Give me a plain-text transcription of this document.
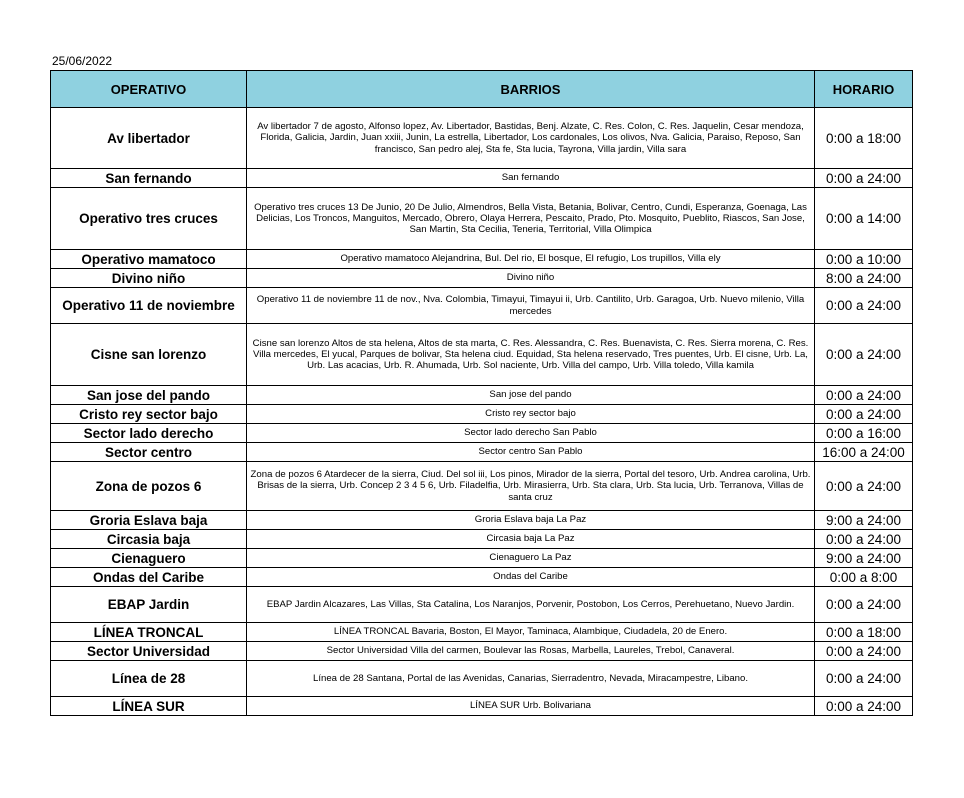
25/06/2022
OPERATIVO	BARRIOS	HORARIO
Av libertador	Av libertador 7 de agosto, Alfonso lopez, Av. Libertador, Bastidas, Benj. Alzate, C. Res. Colon, C. Res. Jaquelin, Cesar mendoza, Florida, Galicia, Jardin, Juan xxiii, Junin, La estrella, Libertador, Los cardonales, Los olivos, Nva. Galicia, Paraiso, Reposo, San francisco, San pedro alej, Sta fe, Sta lucia, Tayrona, Villa jardin, Villa sara	0:00 a 18:00
San fernando	San fernando	0:00 a 24:00
Operativo tres cruces	Operativo tres cruces 13 De Junio, 20 De Julio, Almendros, Bella Vista, Betania, Bolivar, Centro, Cundi, Esperanza, Goenaga, Las Delicias, Los Troncos, Manguitos, Mercado, Obrero, Olaya Herrera, Pescaito, Prado, Pto. Mosquito, Pueblito, Riascos, San Jose, San Martin, Sta Cecilia, Teneria, Territorial, Villa Olimpica	0:00 a 14:00
Operativo mamatoco	Operativo mamatoco Alejandrina, Bul. Del rio, El bosque, El refugio, Los trupillos, Villa ely	0:00 a 10:00
Divino niño	Divino niño	8:00 a 24:00
Operativo 11 de noviembre	Operativo 11 de noviembre 11 de nov., Nva. Colombia, Timayui, Timayui ii, Urb. Cantilito, Urb. Garagoa, Urb. Nuevo milenio, Villa mercedes	0:00 a 24:00
Cisne san lorenzo	Cisne san lorenzo Altos de sta helena, Altos de sta marta, C. Res. Alessandra, C. Res. Buenavista, C. Res. Sierra morena, C. Res. Villa mercedes, El yucal, Parques de bolivar, Sta helena ciud. Equidad, Sta helena reservado, Tres puentes, Urb. El cisne, Urb. La, Urb. Las acacias, Urb. R. Ahumada, Urb. Sol naciente, Urb. Villa del campo, Urb. Villa toledo, Villa kamila	0:00 a 24:00
San jose del pando	San jose del pando	0:00 a 24:00
Cristo rey sector bajo	Cristo rey sector bajo	0:00 a 24:00
Sector lado derecho	Sector lado derecho San Pablo	0:00 a 16:00
Sector centro	Sector centro San Pablo	16:00 a 24:00
Zona de pozos 6	Zona de pozos 6 Atardecer de la sierra, Ciud. Del sol iii, Los pinos, Mirador de la sierra, Portal del tesoro, Urb. Andrea carolina, Urb. Brisas de la sierra, Urb. Concep 2 3 4 5 6, Urb. Filadelfia, Urb. Mirasierra, Urb. Sta clara, Urb. Sta lucia, Urb. Terranova, Villas de santa cruz	0:00 a 24:00
Groria Eslava baja	Groria Eslava baja La Paz	9:00 a 24:00
Circasia baja	Circasia baja La Paz	0:00 a 24:00
Cienaguero	Cienaguero La Paz	9:00 a 24:00
Ondas del Caribe	Ondas del Caribe	0:00 a 8:00
EBAP Jardin	EBAP Jardin Alcazares, Las Villas, Sta Catalina, Los Naranjos, Porvenir, Postobon, Los Cerros, Perehuetano, Nuevo Jardin.	0:00 a 24:00
LÍNEA TRONCAL	LÍNEA TRONCAL Bavaria, Boston, El Mayor, Taminaca, Alambique, Ciudadela, 20 de Enero.	0:00 a 18:00
Sector Universidad	Sector Universidad Villa del carmen, Boulevar las Rosas, Marbella, Laureles, Trebol, Canaveral.	0:00 a 24:00
Línea de 28	Línea de 28 Santana, Portal de las Avenidas, Canarias, Sierradentro, Nevada, Miracampestre, Libano.	0:00 a 24:00
LÍNEA SUR	LÍNEA SUR Urb. Bolivariana	0:00 a 24:00
